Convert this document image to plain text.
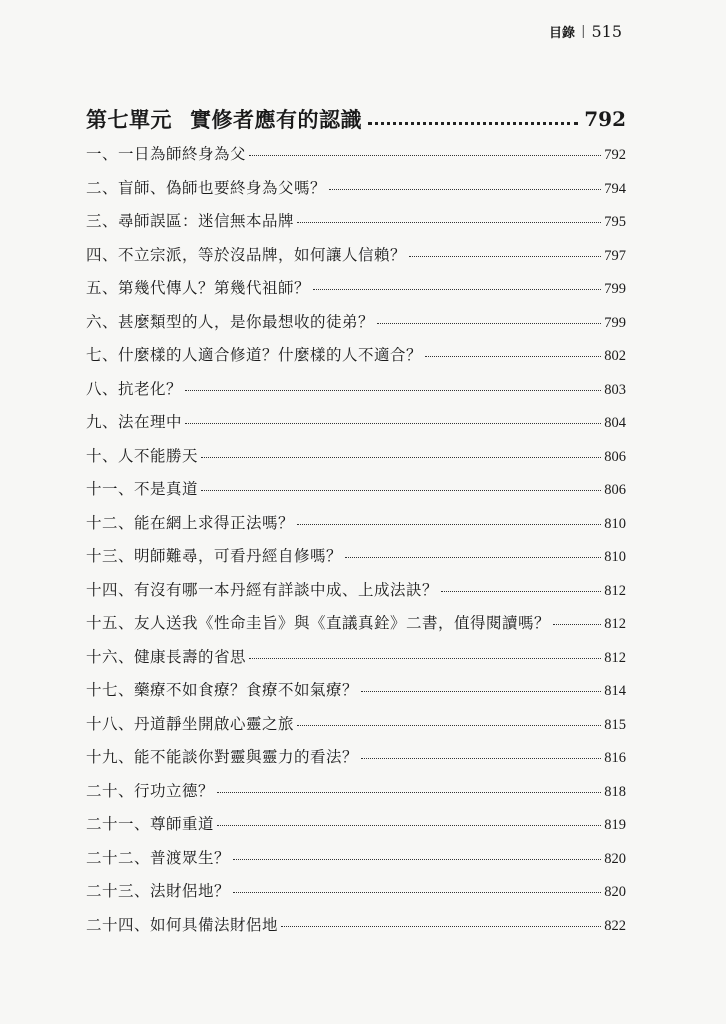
目錄 | 515
第七單元 實修者應有的認識	792
一、一日為師終身為父	792
二、盲師、偽師也要終身為父嗎？	794
三、尋師誤區：迷信無本品牌	795
四、不立宗派，等於沒品牌，如何讓人信賴？	797
五、第幾代傳人？第幾代祖師？	799
六、甚麼類型的人，是你最想收的徒弟？	799
七、什麼樣的人適合修道？什麼樣的人不適合？	802
八、抗老化？	803
九、法在理中	804
十、人不能勝天	806
十一、不是真道	806
十二、能在網上求得正法嗎？	810
十三、明師難尋，可看丹經自修嗎？	810
十四、有沒有哪一本丹經有詳談中成、上成法訣？	812
十五、友人送我《性命圭旨》與《直議真銓》二書，值得閱讀嗎？	812
十六、健康長壽的省思	812
十七、藥療不如食療？食療不如氣療？	814
十八、丹道靜坐開啟心靈之旅	815
十九、能不能談你對靈與靈力的看法？	816
二十、行功立德？	818
二十一、尊師重道	819
二十二、普渡眾生？	820
二十三、法財侶地？	820
二十四、如何具備法財侶地	822
